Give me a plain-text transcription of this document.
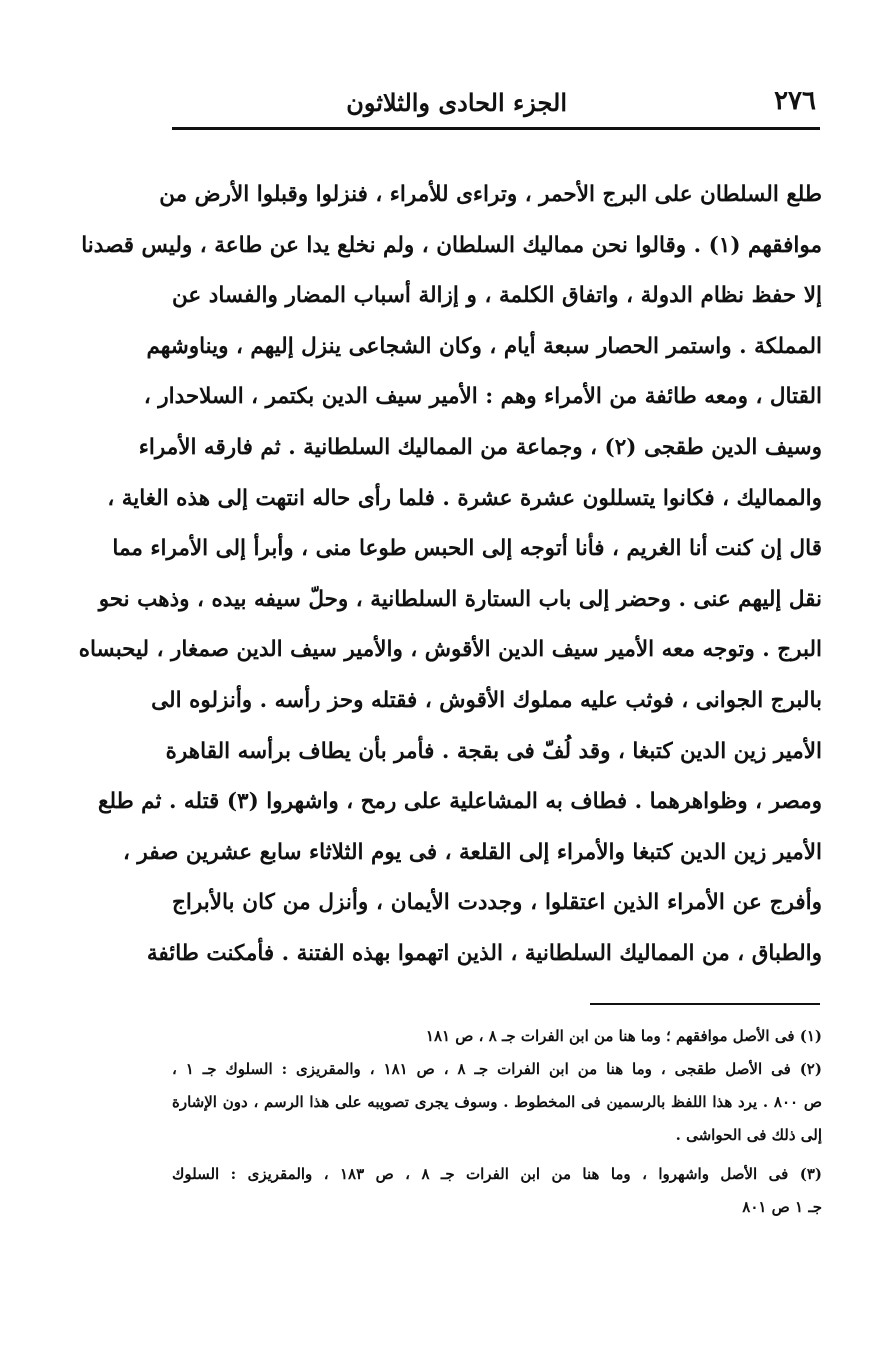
٢٧٦
الجزء الحادى والثلاثون
طلع السلطان على البرج الأحمر ، وتراءى للأمراء ، فنزلوا وقبلوا الأرض من
موافقهم (١) . وقالوا نحن مماليك السلطان ، ولم نخلع يدا عن طاعة ، وليس قصدنا
إلا حفظ نظام الدولة ، واتفاق الكلمة ، و إزالة أسباب المضار والفساد عن
المملكة . واستمر الحصار سبعة أيام ، وكان الشجاعى ينزل إليهم ، ويناوشهم
القتال ، ومعه طائفة من الأمراء وهم : الأمير سيف الدين بكتمر ، السلاحدار ،
وسيف الدين طقجى (٢) ، وجماعة من المماليك السلطانية . ثم فارقه الأمراء
والمماليك ، فكانوا يتسللون عشرة عشرة . فلما رأى حاله انتهت إلى هذه الغاية ،
قال إن كنت أنا الغريم ، فأنا أتوجه إلى الحبس طوعا منى ، وأبرأ إلى الأمراء مما
نقل إليهم عنى . وحضر إلى باب الستارة السلطانية ، وحلّ سيفه بيده ، وذهب نحو
البرج . وتوجه معه الأمير سيف الدين الأقوش ، والأمير سيف الدين صمغار ، ليحبساه
بالبرج الجوانى ، فوثب عليه مملوك الأقوش ، فقتله وحز رأسه . وأنزلوه الى
الأمير زين الدين كتبغا ، وقد لُفّ فى بقجة . فأمر بأن يطاف برأسه القاهرة
ومصر ، وظواهرهما . فطاف به المشاعلية على رمح ، واشهروا (٣) قتله . ثم طلع
الأمير زين الدين كتبغا والأمراء إلى القلعة ، فى يوم الثلاثاء سابع عشرين صفر ،
وأفرج عن الأمراء الذين اعتقلوا ، وجددت الأيمان ، وأنزل من كان بالأبراج
والطباق ، من المماليك السلطانية ، الذين اتهموا بهذه الفتنة . فأمكنت طائفة
(١) فى الأصل موافقهم ؛ وما هنا من ابن الفرات جـ ٨ ، ص ١٨١
(٢) فى الأصل طقجى ، وما هنا من ابن الفرات جـ ٨ ، ص ١٨١ ، والمقريزى : السلوك جـ ١ ،
ص ٨٠٠ . يرد هذا اللفظ بالرسمين فى المخطوط . وسوف يجرى تصويبه على هذا الرسم ، دون الإشارة
إلى ذلك فى الحواشى .
(٣) فى الأصل واشهروا ، وما هنا من ابن الفرات جـ ٨ ، ص ١٨٣ ، والمقريزى : السلوك
جـ ١ ص ٨٠١
